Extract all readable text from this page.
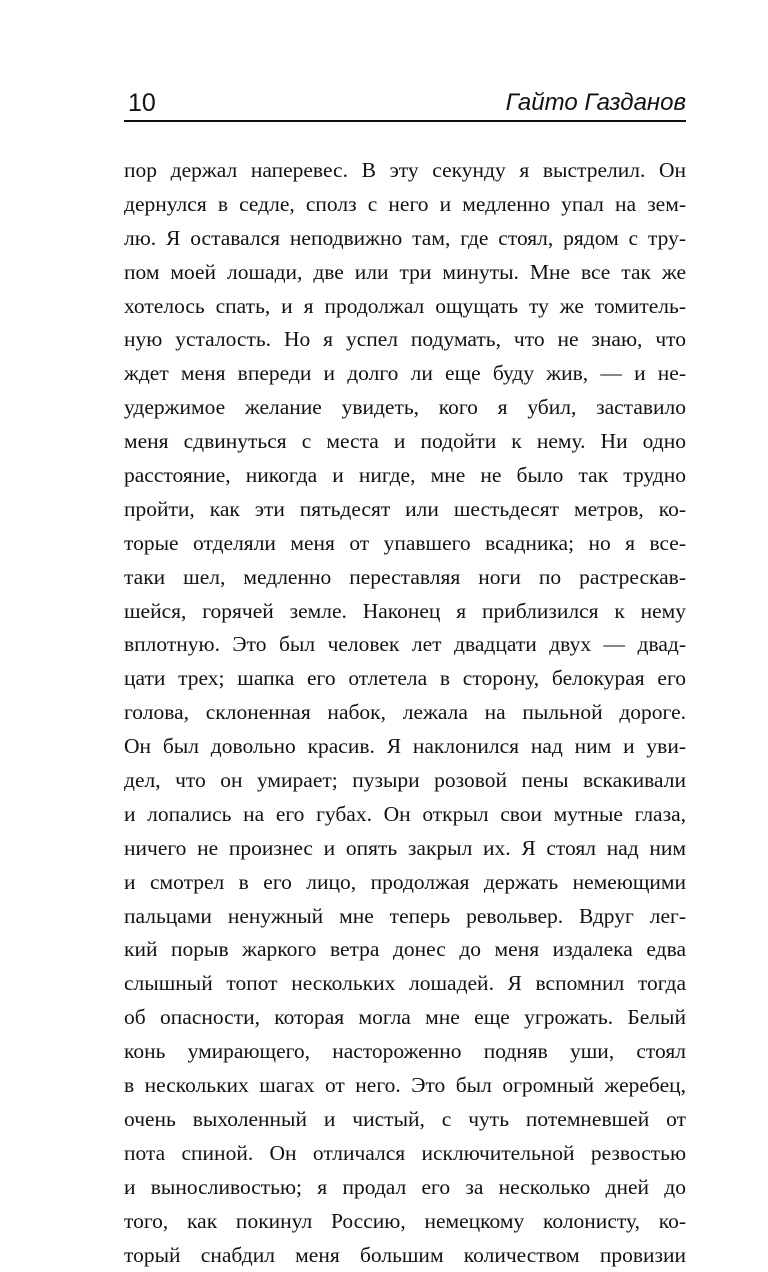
10	Гайто Газданов
пор держал наперевес. В эту секунду я выстрелил. Он
дернулся в седле, сполз с него и медленно упал на зем-
лю. Я оставался неподвижно там, где стоял, рядом с тру-
пом моей лошади, две или три минуты. Мне все так же
хотелось спать, и я продолжал ощущать ту же томитель-
ную усталость. Но я успел подумать, что не знаю, что
ждет меня впереди и долго ли еще буду жив, — и не-
удержимое желание увидеть, кого я убил, заставило
меня сдвинуться с места и подойти к нему. Ни одно
расстояние, никогда и нигде, мне не было так трудно
пройти, как эти пятьдесят или шестьдесят метров, ко-
торые отделяли меня от упавшего всадника; но я все-
таки шел, медленно переставляя ноги по растрескав-
шейся, горячей земле. Наконец я приблизился к нему
вплотную. Это был человек лет двадцати двух — двад-
цати трех; шапка его отлетела в сторону, белокурая его
голова, склоненная набок, лежала на пыльной дороге.
Он был довольно красив. Я наклонился над ним и уви-
дел, что он умирает; пузыри розовой пены вскакивали
и лопались на его губах. Он открыл свои мутные глаза,
ничего не произнес и опять закрыл их. Я стоял над ним
и смотрел в его лицо, продолжая держать немеющими
пальцами ненужный мне теперь револьвер. Вдруг лег-
кий порыв жаркого ветра донес до меня издалека едва
слышный топот нескольких лошадей. Я вспомнил тогда
об опасности, которая могла мне еще угрожать. Белый
конь умирающего, настороженно подняв уши, стоял
в нескольких шагах от него. Это был огромный жеребец,
очень выхоленный и чистый, с чуть потемневшей от
пота спиной. Он отличался исключительной резвостью
и выносливостью; я продал его за несколько дней до
того, как покинул Россию, немецкому колонисту, ко-
торый снабдил меня большим количеством провизии
